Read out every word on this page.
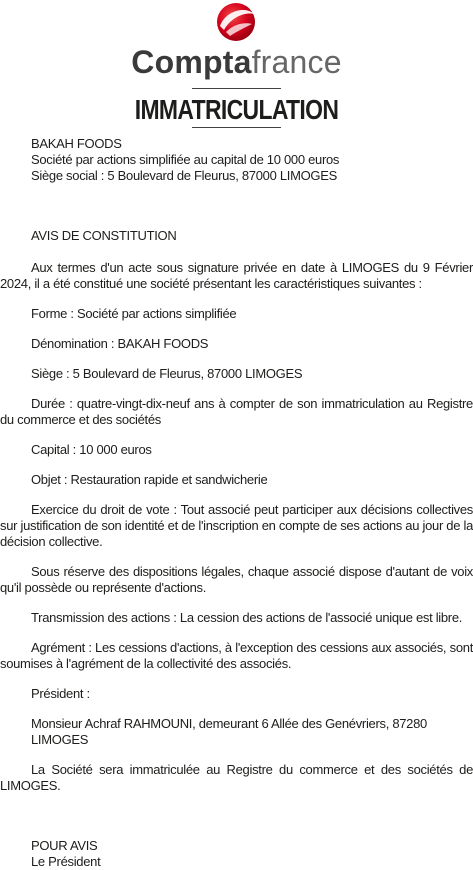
Comptafrance
IMMATRICULATION

BAKAH FOODS

Société par actions simplifiée au capital de 10 000 euros

Siège social : 5 Boulevard de Fleurus, 87000 LIMOGES

AVIS DE CONSTITUTION

Aux termes d'un acte sous signature privée en date à LIMOGES du 9 Février 2024, il a été constitué une société présentant les caractéristiques suivantes :

Forme : Société par actions simplifiée

Dénomination : BAKAH FOODS

Siège : 5 Boulevard de Fleurus, 87000 LIMOGES

Durée : quatre-vingt-dix-neuf ans à compter de son immatriculation au Registre du commerce et des sociétés

Capital : 10 000 euros

Objet : Restauration rapide et sandwicherie

Exercice du droit de vote : Tout associé peut participer aux décisions collectives sur justification de son identité et de l'inscription en compte de ses actions au jour de la décision collective.

Sous réserve des dispositions légales, chaque associé dispose d'autant de voix qu'il possède ou représente d'actions.

Transmission des actions : La cession des actions de l'associé unique est libre.

Agrément : Les cessions d'actions, à l'exception des cessions aux associés, sont soumises à l'agrément de la collectivité des associés.

Président :

Monsieur Achraf RAHMOUNI, demeurant 6 Allée des Genévriers, 87280 LIMOGES

La Société sera immatriculée au Registre du commerce et des sociétés de LIMOGES.

POUR AVIS

Le Président
